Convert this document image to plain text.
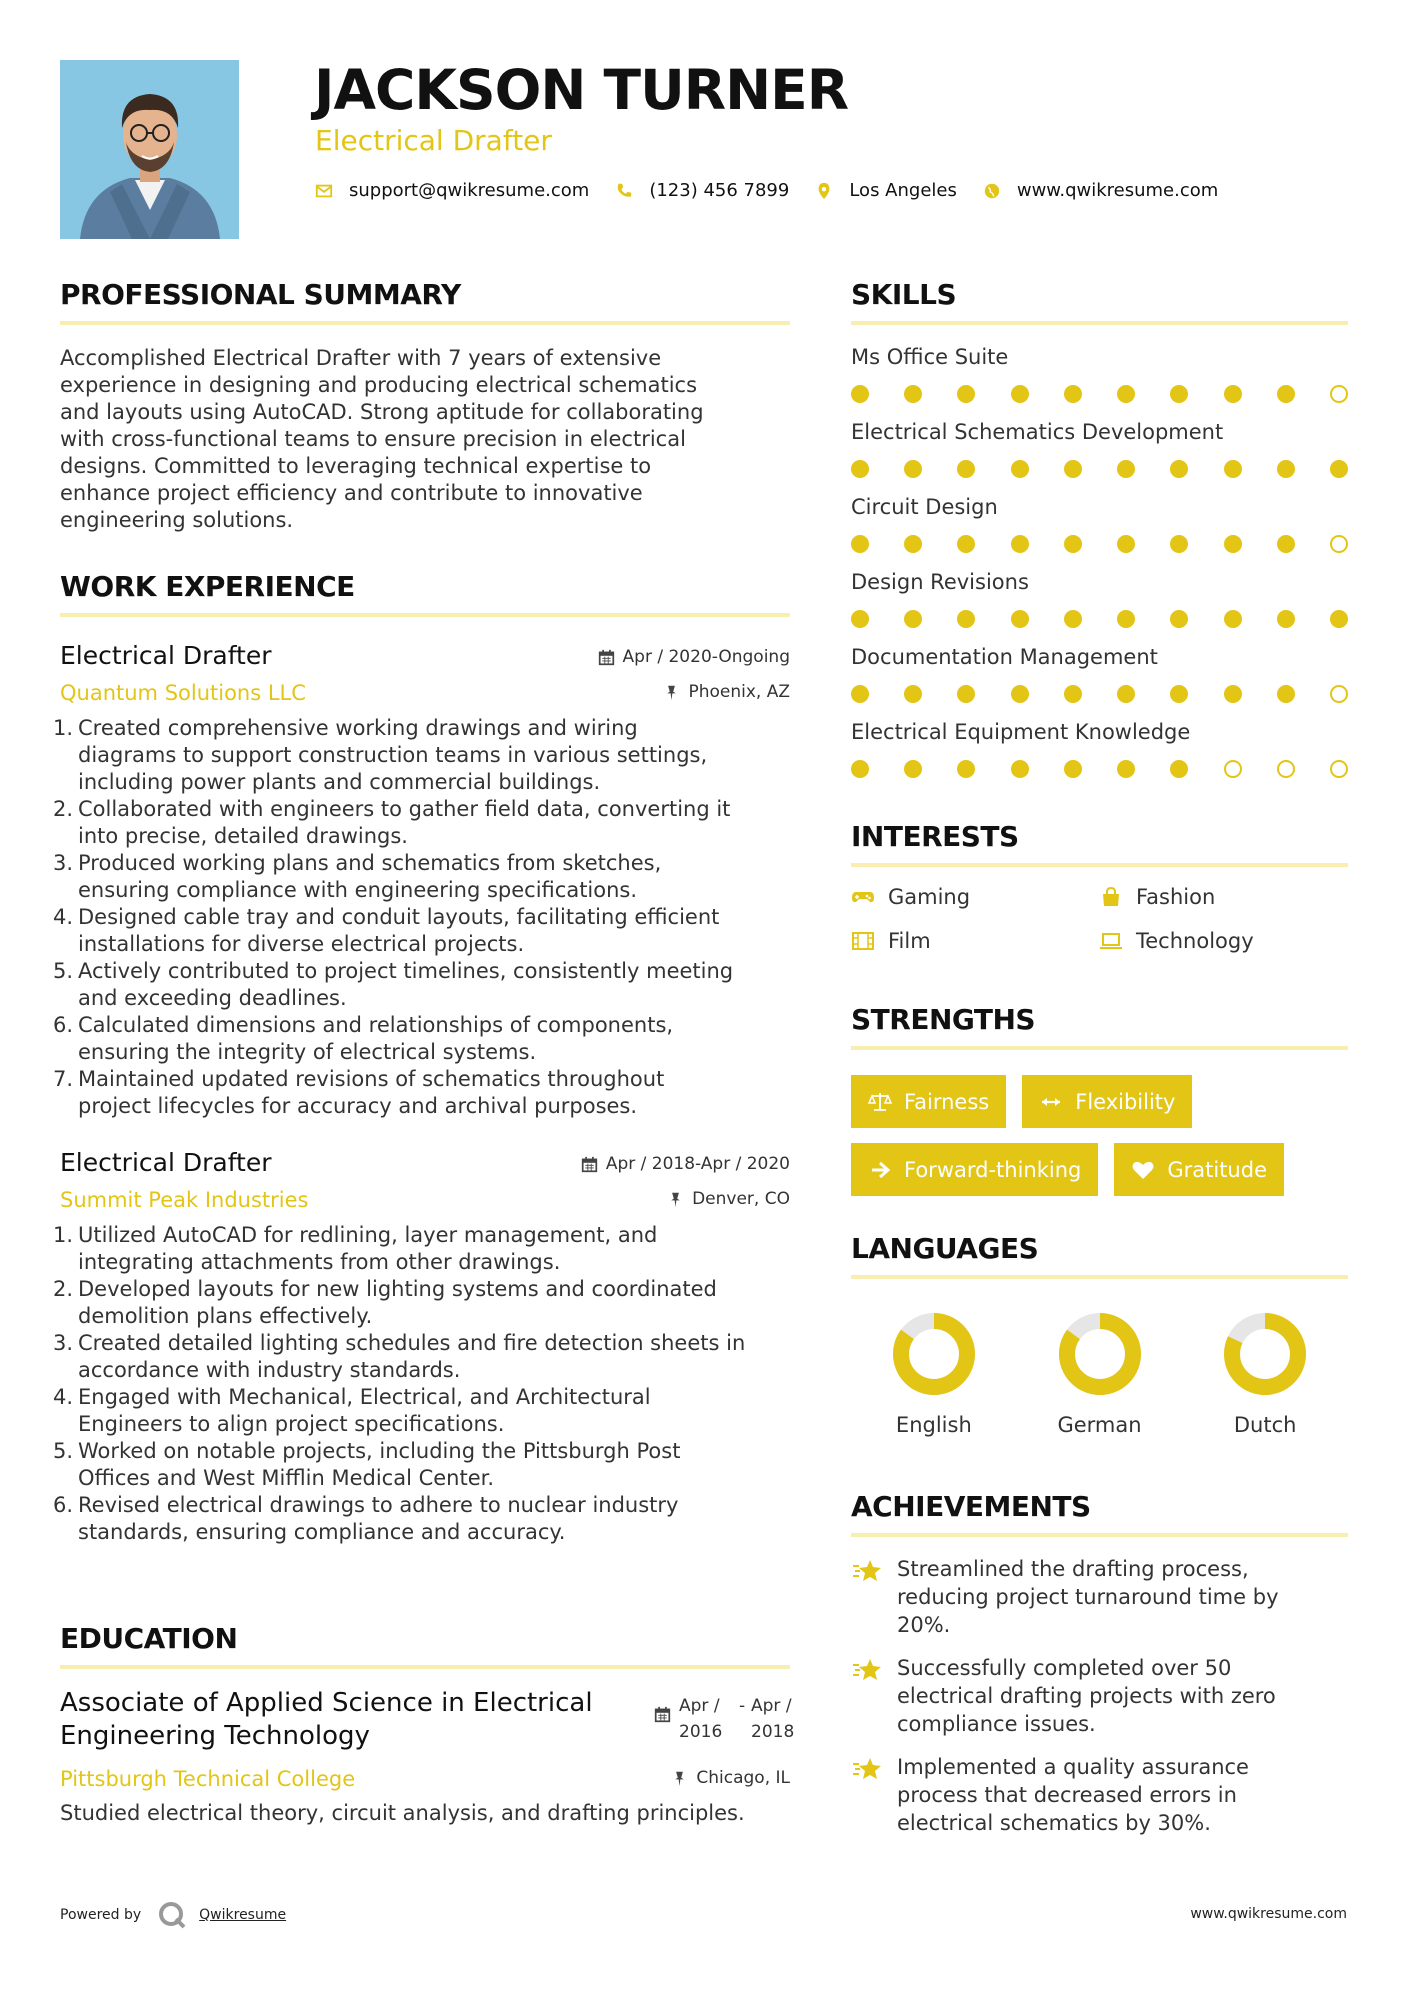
JACKSON TURNER
Electrical Drafter
support@qwikresume.com	(123) 456 7899	Los Angeles	www.qwikresume.com
PROFESSIONAL SUMMARY
Accomplished Electrical Drafter with 7 years of extensive
experience in designing and producing electrical schematics
and layouts using AutoCAD. Strong aptitude for collaborating
with cross-functional teams to ensure precision in electrical
designs. Committed to leveraging technical expertise to
enhance project efficiency and contribute to innovative
engineering solutions.
WORK EXPERIENCE
Electrical Drafter
Quantum Solutions LLC
Apr / 2020-Ongoing
Phoenix, AZ
1. Created comprehensive working drawings and wiring
diagrams to support construction teams in various settings,
including power plants and commercial buildings.
2. Collaborated with engineers to gather field data, converting it
into precise, detailed drawings.
3. Produced working plans and schematics from sketches,
ensuring compliance with engineering specifications.
4. Designed cable tray and conduit layouts, facilitating efficient
installations for diverse electrical projects.
5. Actively contributed to project timelines, consistently meeting
and exceeding deadlines.
6. Calculated dimensions and relationships of components,
ensuring the integrity of electrical systems.
7. Maintained updated revisions of schematics throughout
project lifecycles for accuracy and archival purposes.
Electrical Drafter
Summit Peak Industries
Apr / 2018-Apr / 2020
Denver, CO
1. Utilized AutoCAD for redlining, layer management, and
integrating attachments from other drawings.
2. Developed layouts for new lighting systems and coordinated
demolition plans effectively.
3. Created detailed lighting schedules and fire detection sheets in
accordance with industry standards.
4. Engaged with Mechanical, Electrical, and Architectural
Engineers to align project specifications.
5. Worked on notable projects, including the Pittsburgh Post
Offices and West Mifflin Medical Center.
6. Revised electrical drawings to adhere to nuclear industry
standards, ensuring compliance and accuracy.
EDUCATION
Associate of Applied Science in Electrical
Engineering Technology
Apr /
2016
- Apr /
2018
Pittsburgh Technical College	Chicago, IL
Studied electrical theory, circuit analysis, and drafting principles.
SKILLS
Ms Office Suite
Electrical Schematics Development
Circuit Design
Design Revisions
Documentation Management
Electrical Equipment Knowledge
INTERESTS
Gaming	Fashion
Film	Technology
STRENGTHS
Fairness	Flexibility
Forward-thinking	Gratitude
LANGUAGES
English	German	Dutch
ACHIEVEMENTS
Streamlined the drafting process,
reducing project turnaround time by
20%.
Successfully completed over 50
electrical drafting projects with zero
compliance issues.
Implemented a quality assurance
process that decreased errors in
electrical schematics by 30%.
Powered by	Qwikresume	www.qwikresume.com
